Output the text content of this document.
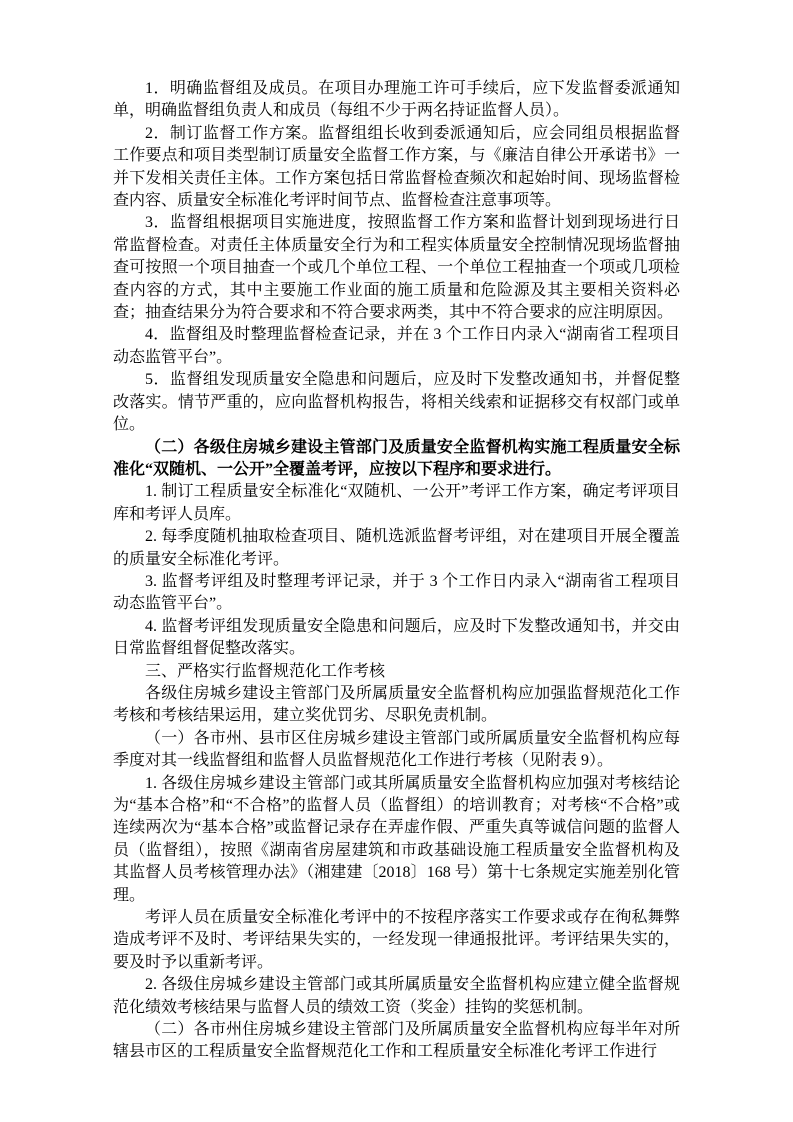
1．明确监督组及成员。在项目办理施工许可手续后，应下发监督委派通知单，明确监督组负责人和成员（每组不少于两名持证监督人员）。

2．制订监督工作方案。监督组组长收到委派通知后，应会同组员根据监督工作要点和项目类型制订质量安全监督工作方案，与《廉洁自律公开承诺书》一并下发相关责任主体。工作方案包括日常监督检查频次和起始时间、现场监督检查内容、质量安全标准化考评时间节点、监督检查注意事项等。

3．监督组根据项目实施进度，按照监督工作方案和监督计划到现场进行日常监督检查。对责任主体质量安全行为和工程实体质量安全控制情况现场监督抽查可按照一个项目抽查一个或几个单位工程、一个单位工程抽查一个项或几项检查内容的方式，其中主要施工作业面的施工质量和危险源及其主要相关资料必查；抽查结果分为符合要求和不符合要求两类，其中不符合要求的应注明原因。

4．监督组及时整理监督检查记录，并在 3 个工作日内录入“湖南省工程项目动态监管平台”。

5．监督组发现质量安全隐患和问题后，应及时下发整改通知书，并督促整改落实。情节严重的，应向监督机构报告，将相关线索和证据移交有权部门或单位。

（二）各级住房城乡建设主管部门及质量安全监督机构实施工程质量安全标准化“双随机、一公开”全覆盖考评，应按以下程序和要求进行。

1. 制订工程质量安全标准化“双随机、一公开”考评工作方案，确定考评项目库和考评人员库。

2. 每季度随机抽取检查项目、随机选派监督考评组，对在建项目开展全覆盖的质量安全标准化考评。

3. 监督考评组及时整理考评记录，并于 3 个工作日内录入“湖南省工程项目动态监管平台”。

4. 监督考评组发现质量安全隐患和问题后，应及时下发整改通知书，并交由日常监督组督促整改落实。

三、严格实行监督规范化工作考核

各级住房城乡建设主管部门及所属质量安全监督机构应加强监督规范化工作考核和考核结果运用，建立奖优罚劣、尽职免责机制。

（一）各市州、县市区住房城乡建设主管部门或所属质量安全监督机构应每季度对其一线监督组和监督人员监督规范化工作进行考核（见附表 9）。

1. 各级住房城乡建设主管部门或其所属质量安全监督机构应加强对考核结论为“基本合格”和“不合格”的监督人员（监督组）的培训教育；对考核“不合格”或连续两次为“基本合格”或监督记录存在弄虚作假、严重失真等诚信问题的监督人员（监督组），按照《湖南省房屋建筑和市政基础设施工程质量安全监督机构及其监督人员考核管理办法》（湘建建〔2018〕168 号）第十七条规定实施差别化管理。

考评人员在质量安全标准化考评中的不按程序落实工作要求或存在徇私舞弊造成考评不及时、考评结果失实的，一经发现一律通报批评。考评结果失实的，要及时予以重新考评。

2. 各级住房城乡建设主管部门或其所属质量安全监督机构应建立健全监督规范化绩效考核结果与监督人员的绩效工资（奖金）挂钩的奖惩机制。

（二）各市州住房城乡建设主管部门及所属质量安全监督机构应每半年对所辖县市区的工程质量安全监督规范化工作和工程质量安全标准化考评工作进行
